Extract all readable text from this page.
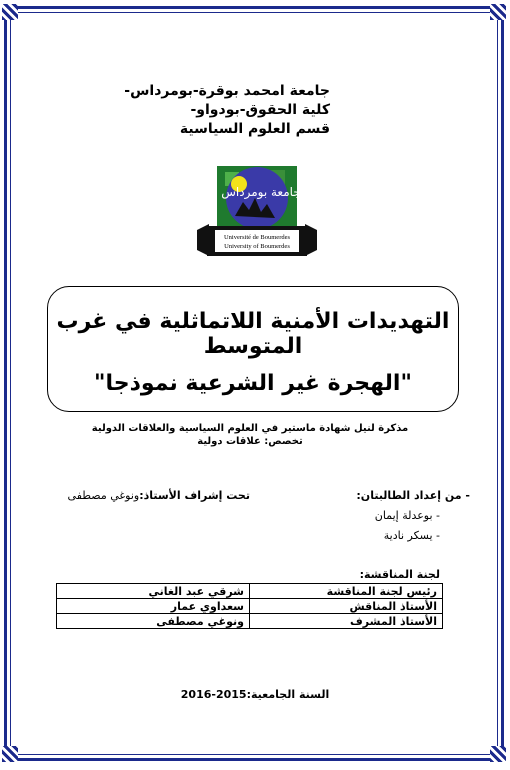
جامعة امحمد بوقرة-بومرداس-
كلية الحقوق-بودواو-
قسم العلوم السياسية
جامعة بومرداس
Université de Boumerdes
University of Boumerdes
التهديدات الأمنية اللاتماثلية في غرب المتوسط
"الهجرة غير الشرعية نموذجا"
مذكرة لنيل شهادة ماستير في العلوم السياسية والعلاقات الدولية
تخصص: علاقات دولية
- من إعداد الطالبتان:
- بوعدلة إيمان
- يسكر نادية
تحت إشراف الأستاذ:ونوغي مصطفى
لجنة المناقشة:
رئيس لجنة المناقشة	شرقي عبد الغاني
الأستاذ المناقش	سعداوي عمار
الأستاذ المشرف	ونوغي مصطفى
السنة الجامعية:2015-2016
